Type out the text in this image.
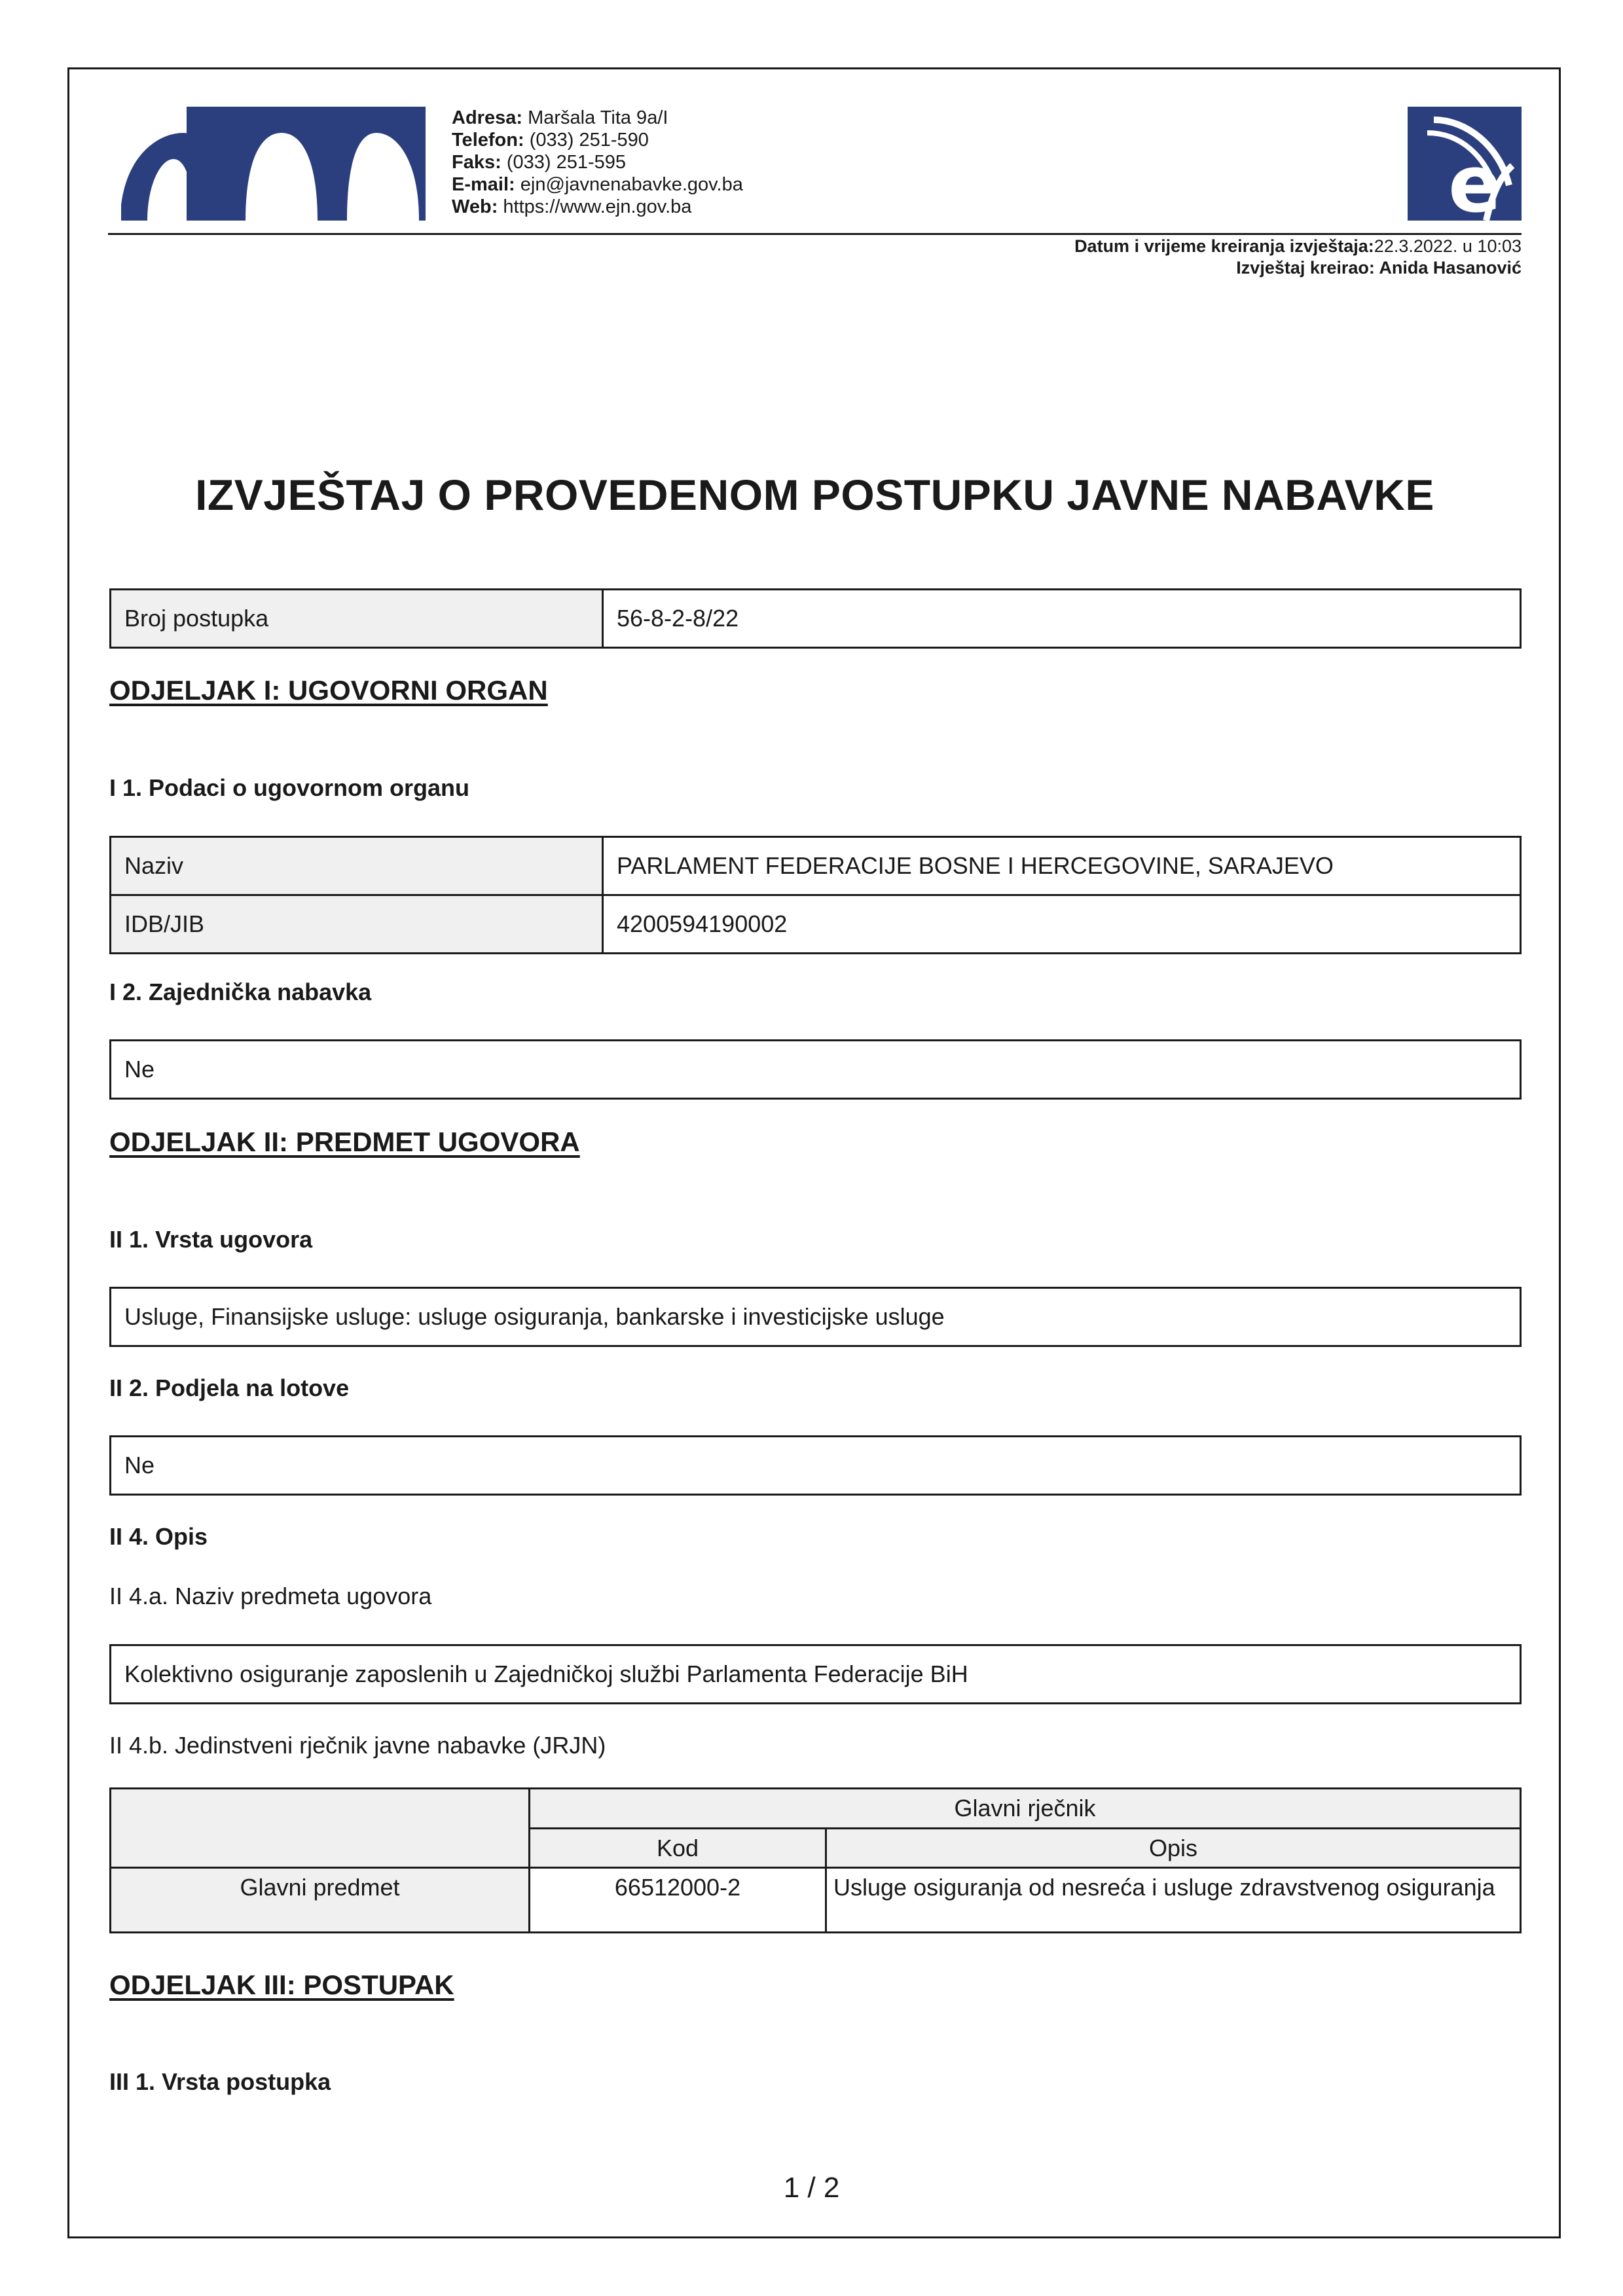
Adresa: Maršala Tita 9a/I
Telefon: (033) 251-590
Faks: (033) 251-595
E-mail: ejn@javnenabavke.gov.ba
Web: https://www.ejn.gov.ba	e
Datum i vrijeme kreiranja izvještaja:22.3.2022. u 10:03
Izvještaj kreirao: Anida Hasanović
IZVJEŠTAJ O PROVEDENOM POSTUPKU JAVNE NABAVKE
Broj postupka	56-8-2-8/22
ODJELJAK I: UGOVORNI ORGAN
I 1. Podaci o ugovornom organu
Naziv	PARLAMENT FEDERACIJE BOSNE I HERCEGOVINE, SARAJEVO
IDB/JIB	4200594190002
I 2. Zajednička nabavka
Ne
ODJELJAK II: PREDMET UGOVORA
II 1. Vrsta ugovora
Usluge, Finansijske usluge: usluge osiguranja, bankarske i investicijske usluge
II 2. Podjela na lotove
Ne
II 4. Opis
II 4.a. Naziv predmeta ugovora
Kolektivno osiguranje zaposlenih u Zajedničkoj službi Parlamenta Federacije BiH
II 4.b. Jedinstveni rječnik javne nabavke (JRJN)
Glavni rječnik
Kod	Opis
Glavni predmet	66512000-2	Usluge osiguranja od nesreća i usluge zdravstvenog osiguranja
ODJELJAK III: POSTUPAK
III 1. Vrsta postupka
1 / 2
